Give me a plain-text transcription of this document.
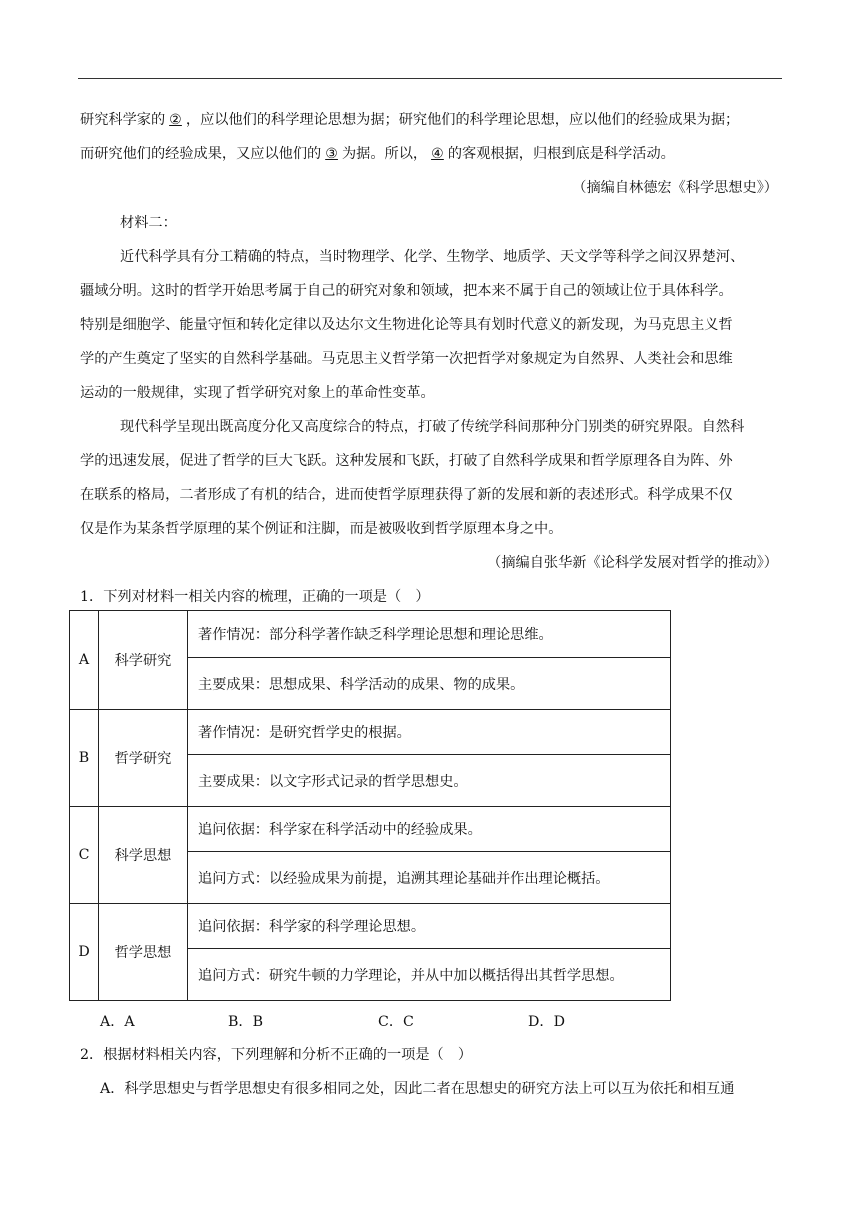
研究科学家的 ② ，应以他们的科学理论思想为据；研究他们的科学理论思想，应以他们的经验成果为据；
而研究他们的经验成果，又应以他们的 ③ 为据。所以， ④ 的客观根据，归根到底是科学活动。
（摘编自林德宏《科学思想史》）
材料二：
近代科学具有分工精确的特点，当时物理学、化学、生物学、地质学、天文学等科学之间汉界楚河、
疆域分明。这时的哲学开始思考属于自己的研究对象和领域，把本来不属于自己的领域让位于具体科学。
特别是细胞学、能量守恒和转化定律以及达尔文生物进化论等具有划时代意义的新发现，为马克思主义哲
学的产生奠定了坚实的自然科学基础。马克思主义哲学第一次把哲学对象规定为自然界、人类社会和思维
运动的一般规律，实现了哲学研究对象上的革命性变革。
现代科学呈现出既高度分化又高度综合的特点，打破了传统学科间那种分门别类的研究界限。自然科
学的迅速发展，促进了哲学的巨大飞跃。这种发展和飞跃，打破了自然科学成果和哲学原理各自为阵、外
在联系的格局，二者形成了有机的结合，进而使哲学原理获得了新的发展和新的表述形式。科学成果不仅
仅是作为某条哲学原理的某个例证和注脚，而是被吸收到哲学原理本身之中。
（摘编自张华新《论科学发展对哲学的推动》）
1．下列对材料一相关内容的梳理，正确的一项是（　）
A	科学研究	著作情况：部分科学著作缺乏科学理论思想和理论思维。
		主要成果：思想成果、科学活动的成果、物的成果。
B	哲学研究	著作情况：是研究哲学史的根据。
		主要成果：以文字形式记录的哲学思想史。
C	科学思想	追问依据：科学家在科学活动中的经验成果。
		追问方式：以经验成果为前提，追溯其理论基础并作出理论概括。
D	哲学思想	追问依据：科学家的科学理论思想。
		追问方式：研究牛顿的力学理论，并从中加以概括得出其哲学思想。
A．A	B．B	C．C	D．D
2．根据材料相关内容，下列理解和分析不正确的一项是（　）
A．科学思想史与哲学思想史有很多相同之处，因此二者在思想史的研究方法上可以互为依托和相互通
